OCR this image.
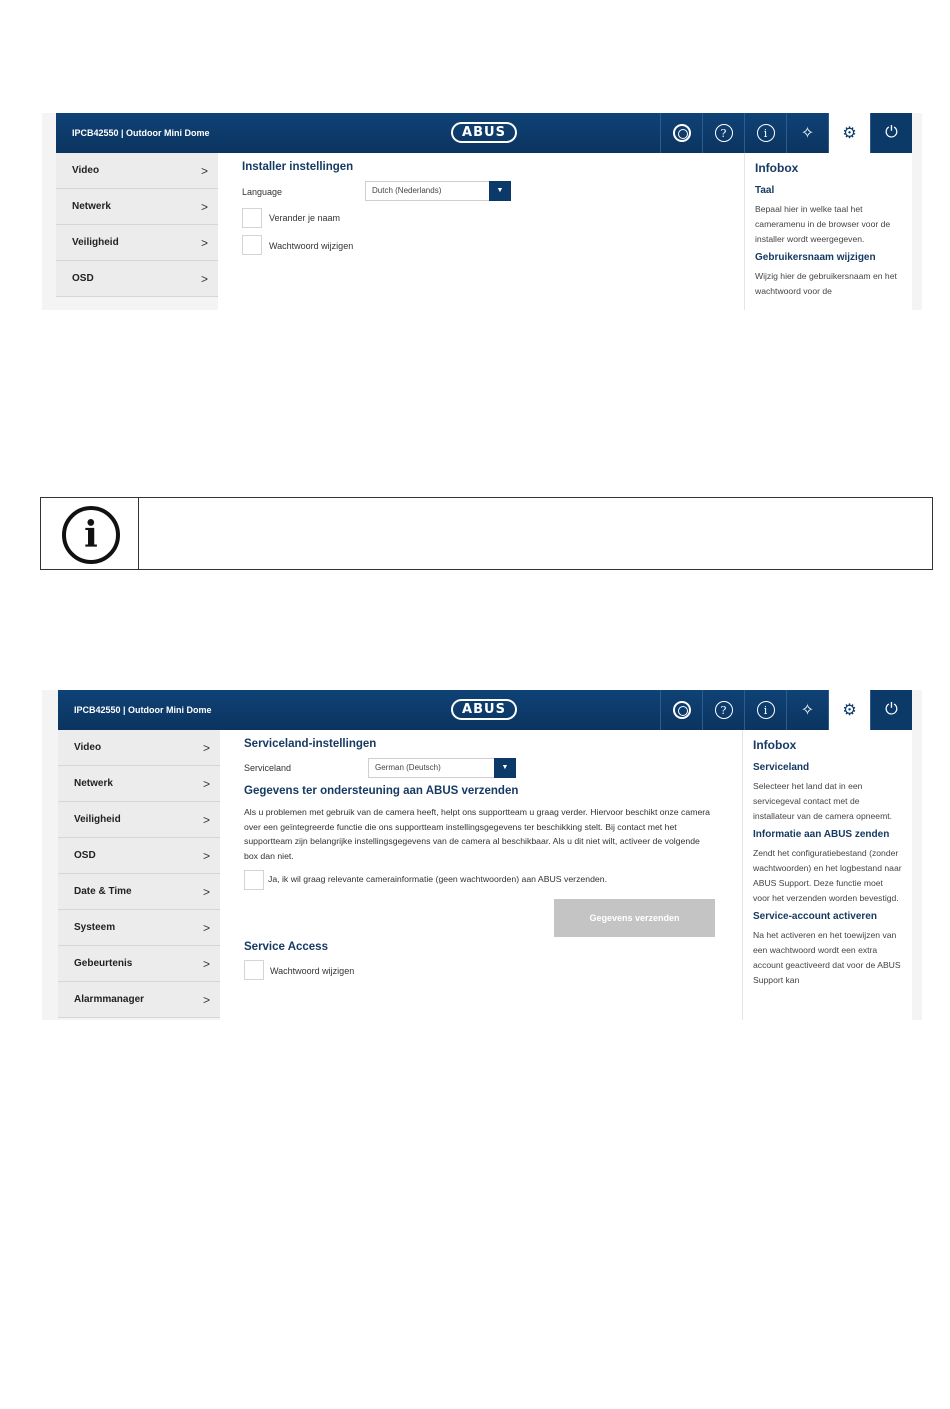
IPCB42550 | Outdoor Mini Dome	ABUS	?	i	✧	⚙	⏻
Video	>
Netwerk	>
Veiligheid	>
OSD	>
Installer instellingen
Language	Dutch (Nederlands)	▼
Verander je naam
Wachtwoord wijzigen
Infobox
Taal

Bepaal hier in welke taal het cameramenu in de browser voor de installer wordt weergegeven.

Gebruikersnaam wijzigen

Wijzig hier de gebruikersnaam en het wachtwoord voor de

i
IPCB42550 | Outdoor Mini Dome	ABUS	?	i	✧	⚙	⏻
Video	>
Netwerk	>
Veiligheid	>
OSD	>
Date & Time	>
Systeem	>
Gebeurtenis	>
Alarmmanager	>
Serviceland-instellingen
Serviceland	German (Deutsch)	▼
Gegevens ter ondersteuning aan ABUS verzenden
Als u problemen met gebruik van de camera heeft, helpt ons supportteam u graag verder. Hiervoor beschikt onze camera over een geïntegreerde functie die ons supportteam instellingsgegevens ter beschikking stelt. Bij contact met het supportteam zijn belangrijke instellingsgegevens van de camera al beschikbaar. Als u dit niet wilt, activeer de volgende box dan niet.
Ja, ik wil graag relevante camerainformatie (geen wachtwoorden) aan ABUS verzenden.
Gegevens verzenden
Service Access
Wachtwoord wijzigen
Infobox
Serviceland

Selecteer het land dat in een servicegeval contact met de installateur van de camera opneemt.

Informatie aan ABUS zenden

Zendt het configuratiebestand (zonder wachtwoorden) en het logbestand naar ABUS Support. Deze functie moet voor het verzenden worden bevestigd.

Service-account activeren

Na het activeren en het toewijzen van een wachtwoord wordt een extra account geactiveerd dat voor de ABUS Support kan
